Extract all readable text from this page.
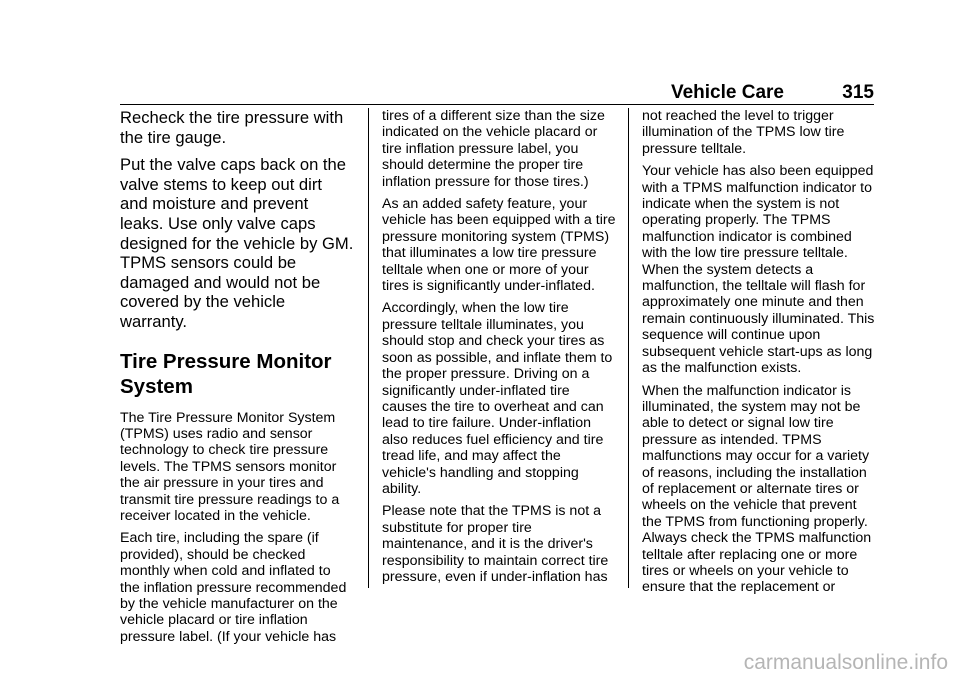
Vehicle Care	315

Recheck the tire pressure with the tire gauge.

Put the valve caps back on the valve stems to keep out dirt and moisture and prevent leaks. Use only valve caps designed for the vehicle by GM. TPMS sensors could be damaged and would not be covered by the vehicle warranty.

Tire Pressure Monitor System

The Tire Pressure Monitor System (TPMS) uses radio and sensor technology to check tire pressure levels. The TPMS sensors monitor the air pressure in your tires and transmit tire pressure readings to a receiver located in the vehicle.

Each tire, including the spare (if provided), should be checked monthly when cold and inflated to the inflation pressure recommended by the vehicle manufacturer on the vehicle placard or tire inflation pressure label. (If your vehicle has

tires of a different size than the size indicated on the vehicle placard or tire inflation pressure label, you should determine the proper tire inflation pressure for those tires.)

As an added safety feature, your vehicle has been equipped with a tire pressure monitoring system (TPMS) that illuminates a low tire pressure telltale when one or more of your tires is significantly under-inflated.

Accordingly, when the low tire pressure telltale illuminates, you should stop and check your tires as soon as possible, and inflate them to the proper pressure. Driving on a significantly under-inflated tire causes the tire to overheat and can lead to tire failure. Under-inflation also reduces fuel efficiency and tire tread life, and may affect the vehicle's handling and stopping ability.

Please note that the TPMS is not a substitute for proper tire maintenance, and it is the driver's responsibility to maintain correct tire pressure, even if under-inflation has

not reached the level to trigger illumination of the TPMS low tire pressure telltale.

Your vehicle has also been equipped with a TPMS malfunction indicator to indicate when the system is not operating properly. The TPMS malfunction indicator is combined with the low tire pressure telltale. When the system detects a malfunction, the telltale will flash for approximately one minute and then remain continuously illuminated. This sequence will continue upon subsequent vehicle start-ups as long as the malfunction exists.

When the malfunction indicator is illuminated, the system may not be able to detect or signal low tire pressure as intended. TPMS malfunctions may occur for a variety of reasons, including the installation of replacement or alternate tires or wheels on the vehicle that prevent the TPMS from functioning properly. Always check the TPMS malfunction telltale after replacing one or more tires or wheels on your vehicle to ensure that the replacement or

carmanualsonline.info
